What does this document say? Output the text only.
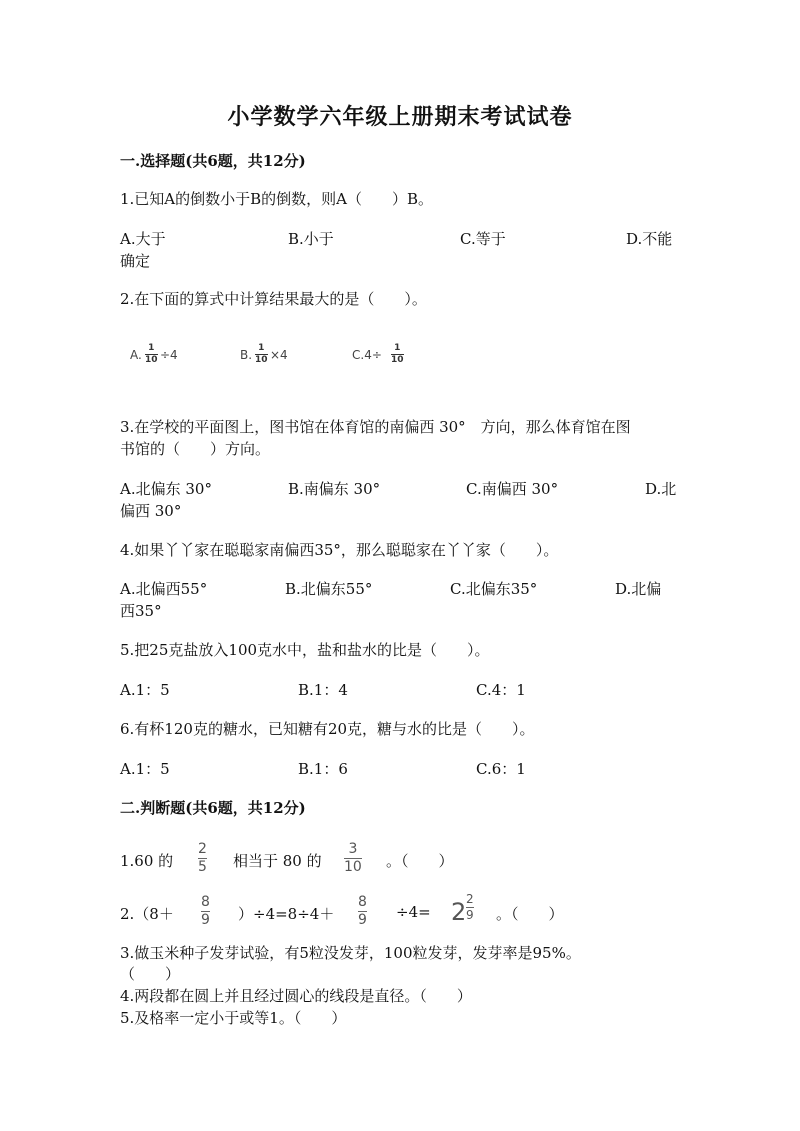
小学数学六年级上册期末考试试卷
一.选择题(共6题，共12分)
1.已知A的倒数小于B的倒数，则A（　　）B。
A.大于	B.小于	C.等于	D.不能
确定
2.在下面的算式中计算结果最大的是（　　）。
A. 1
10 ÷4	B. 1
10 ×4	C.4÷ 1
10
3.在学校的平面图上，图书馆在体育馆的南偏西 30°　方向，那么体育馆在图
书馆的（　　）方向。
A.北偏东 30°	B.南偏东 30°	C.南偏西 30°	D.北
偏西 30°
4.如果丫丫家在聪聪家南偏西35°，那么聪聪家在丫丫家（　　）。
A.北偏西55°	B.北偏东55°	C.北偏东35°	D.北偏
西35°
5.把25克盐放入100克水中，盐和盐水的比是（　　）。
A.1：5	B.1：4	C.4：1
6.有杯120克的糖水，已知糖有20克，糖与水的比是（　　）。
A.1：5	B.1：6	C.6：1
二.判断题(共6题，共12分)
1.60 的
2
5 相当于 80 的
3
10 。（　　）
2.（8＋
8
9 ）÷4=8÷4＋
8
9 ÷4= 2 2
9 。（　　）
3.做玉米种子发芽试验，有5粒没发芽，100粒发芽，发芽率是95%。
（　　）
4.两段都在圆上并且经过圆心的线段是直径。（　　）
5.及格率一定小于或等1。（　　）
